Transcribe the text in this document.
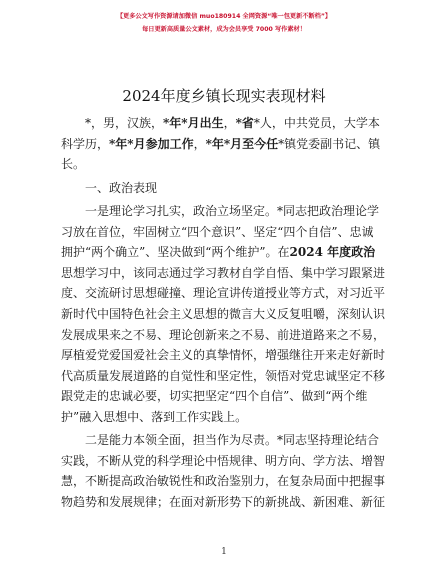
【更多公文写作资源请加微信 muo180914 全网资源“唯一包更新不断档”】
每日更新高质量公文素材，成为会员享受 7000 写作素材！
2024年度乡镇长现实表现材料
*，男，汉族，*年*月出生，*省*人，中共党员，大学本
科学历，*年*月参加工作，*年*月至今任*镇党委副书记、镇
长。
一、政治表现
一是理论学习扎实，政治立场坚定。*同志把政治理论学
习放在首位，牢固树立“四个意识”、坚定“四个自信”、忠诚
拥护“两个确立”、坚决做到“两个维护”。在2024 年度政治
思想学习中，该同志通过学习教材自学自悟、集中学习跟紧进
度、交流研讨思想碰撞、理论宣讲传道授业等方式，对习近平
新时代中国特色社会主义思想的微言大义反复咀嚼，深刻认识
发展成果来之不易、理论创新来之不易、前进道路来之不易，
厚植爱党爱国爱社会主义的真挚情怀，增强继往开来走好新时
代高质量发展道路的自觉性和坚定性，领悟对党忠诚坚定不移
跟党走的忠诚必要，切实把坚定“四个自信”、做到“两个维
护”融入思想中、落到工作实践上。
二是能力本领全面，担当作为尽责。*同志坚持理论结合
实践，不断从党的科学理论中悟规律、明方向、学方法、增智
慧，不断提高政治敏锐性和政治鉴别力，在复杂局面中把握事
物趋势和发展规律；在面对新形势下的新挑战、新困难、新征
1
